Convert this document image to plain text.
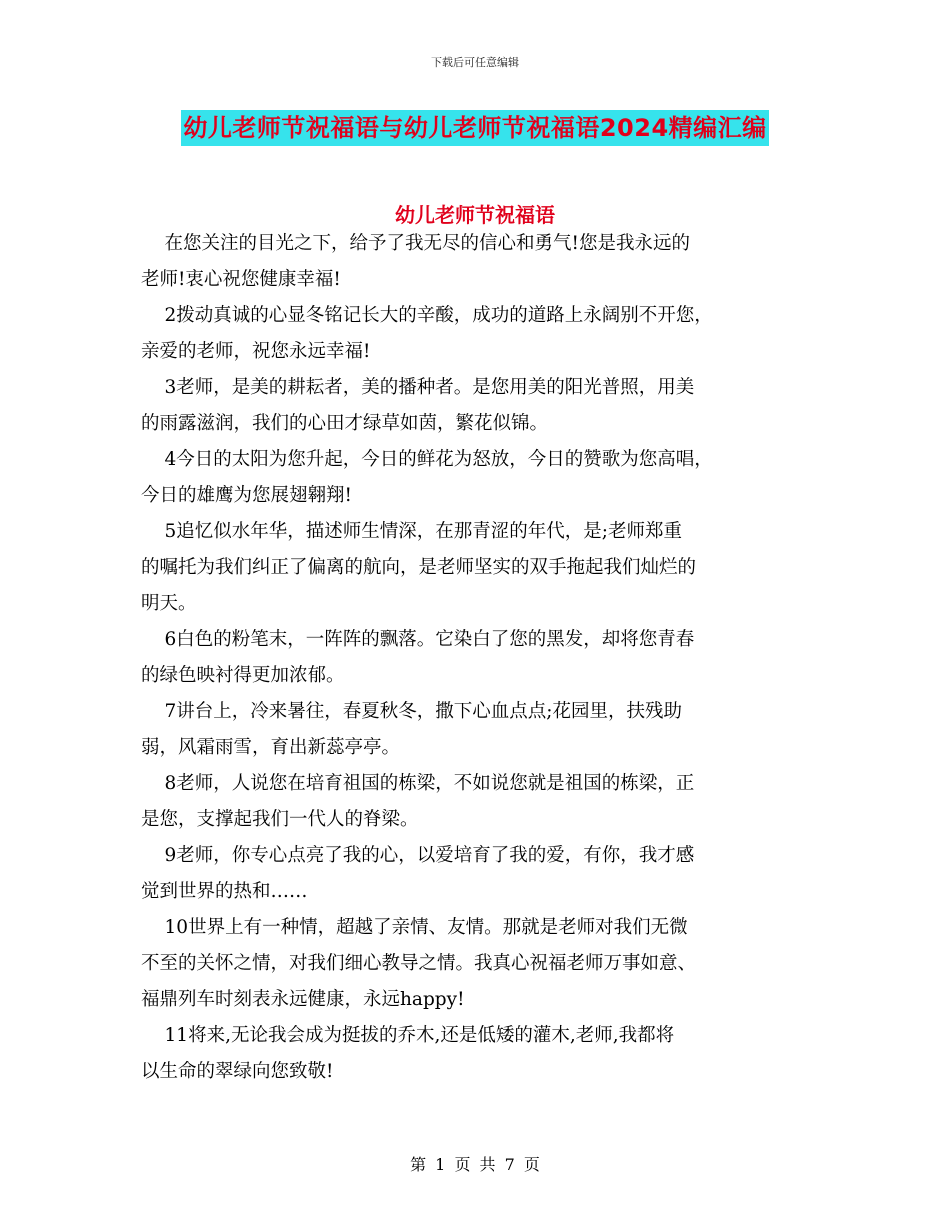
下载后可任意编辑
幼儿老师节祝福语与幼儿老师节祝福语2024精编汇编
幼儿老师节祝福语

在您关注的目光之下，给予了我无尽的信心和勇气!您是我永远的

老师!衷心祝您健康幸福!

2拨动真诚的心显冬铭记长大的辛酸，成功的道路上永阔别不开您，

亲爱的老师，祝您永远幸福!

3老师，是美的耕耘者，美的播种者。是您用美的阳光普照，用美

的雨露滋润，我们的心田才绿草如茵，繁花似锦。

4今日的太阳为您升起，今日的鲜花为怒放，今日的赞歌为您高唱，

今日的雄鹰为您展翅翱翔!

5追忆似水年华，描述师生情深，在那青涩的年代，是;老师郑重

的嘱托为我们纠正了偏离的航向，是老师坚实的双手拖起我们灿烂的

明天。

6白色的粉笔末，一阵阵的飘落。它染白了您的黑发，却将您青春

的绿色映衬得更加浓郁。

7讲台上，冷来暑往，春夏秋冬，撒下心血点点;花园里，扶残助

弱，风霜雨雪，育出新蕊亭亭。

8老师，人说您在培育祖国的栋梁，不如说您就是祖国的栋梁，正

是您，支撑起我们一代人的脊梁。

9老师，你专心点亮了我的心，以爱培育了我的爱，有你，我才感

觉到世界的热和……

10世界上有一种情，超越了亲情、友情。那就是老师对我们无微

不至的关怀之情，对我们细心教导之情。我真心祝福老师万事如意、

福鼎列车时刻表永远健康，永远happy!

11将来,无论我会成为挺拔的乔木,还是低矮的灌木,老师,我都将

以生命的翠绿向您致敬!

第 1 页 共 7 页
